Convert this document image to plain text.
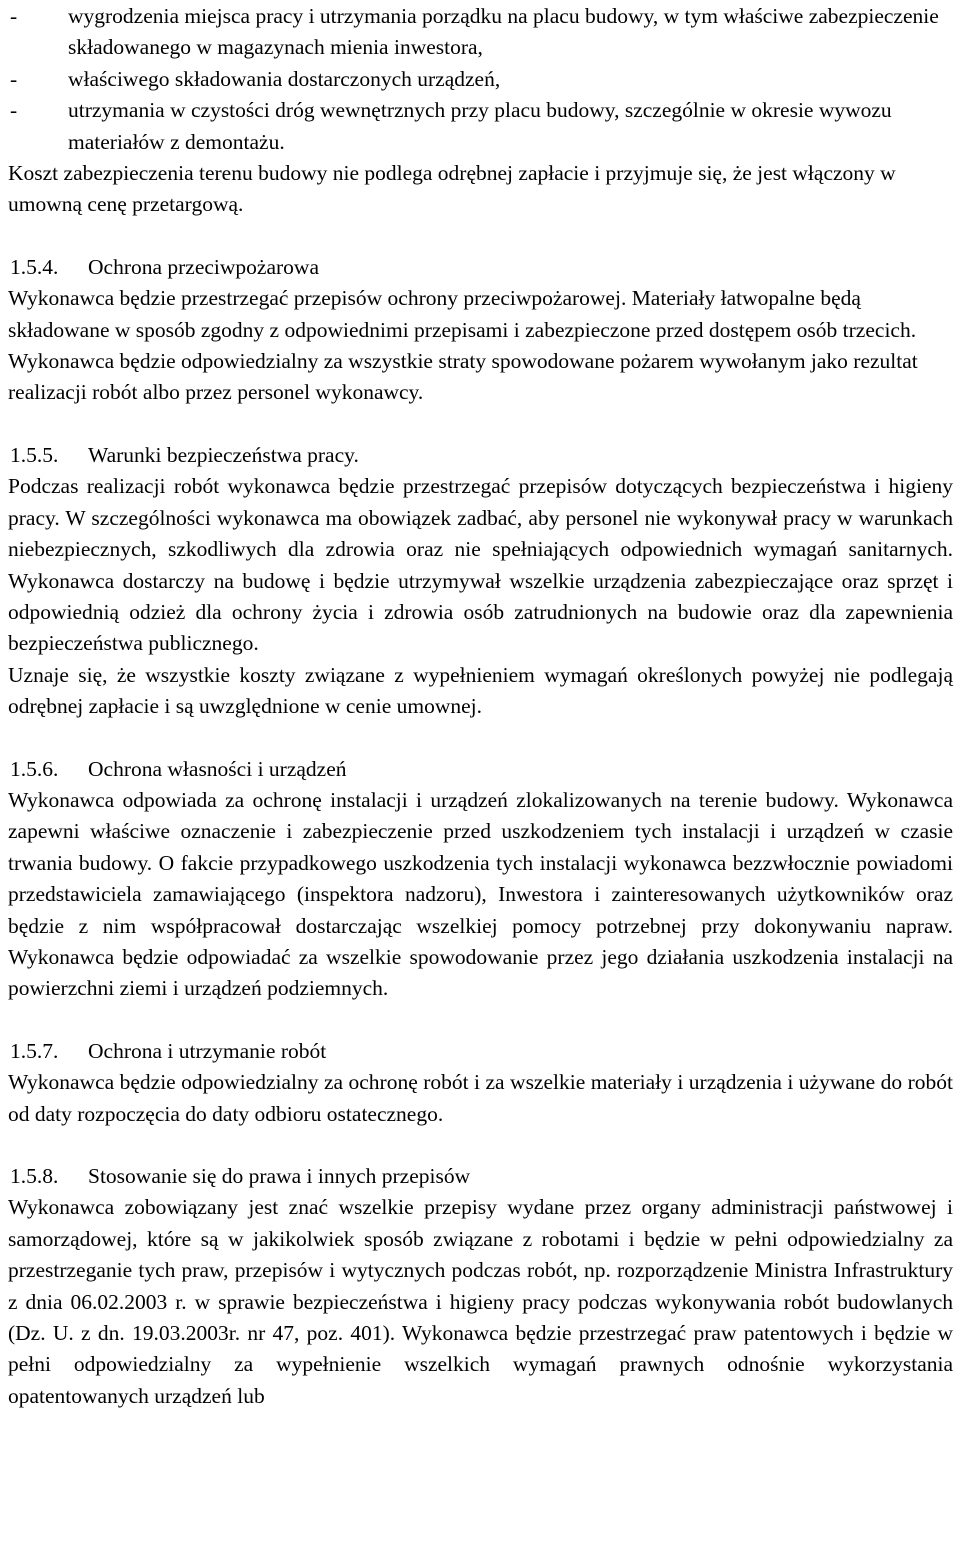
-	wygrodzenia miejsca pracy i utrzymania porządku na placu budowy, w tym właściwe zabezpieczenie składowanego w magazynach mienia inwestora,
-	właściwego składowania dostarczonych urządzeń,
-	utrzymania w czystości dróg wewnętrznych przy placu budowy, szczególnie w okresie wywozu materiałów z demontażu.

Koszt zabezpieczenia terenu budowy nie podlega odrębnej zapłacie i przyjmuje się, że jest włączony w umowną cenę przetargową.

1.5.4.	Ochrona przeciwpożarowa

Wykonawca będzie przestrzegać przepisów ochrony przeciwpożarowej. Materiały łatwopalne będą składowane w sposób zgodny z odpowiednimi przepisami i zabezpieczone przed dostępem osób trzecich. Wykonawca będzie odpowiedzialny za wszystkie straty spowodowane pożarem wywołanym jako rezultat realizacji robót albo przez personel wykonawcy.

1.5.5.	Warunki bezpieczeństwa pracy.

Podczas realizacji robót wykonawca będzie przestrzegać przepisów dotyczących bezpieczeństwa i higieny pracy. W szczególności wykonawca ma obowiązek zadbać, aby personel nie wykonywał pracy w warunkach niebezpiecznych, szkodliwych dla zdrowia oraz nie spełniających odpowiednich wymagań sanitarnych. Wykonawca dostarczy na budowę i będzie utrzymywał wszelkie urządzenia zabezpieczające oraz sprzęt i odpowiednią odzież dla ochrony życia i zdrowia osób zatrudnionych na budowie oraz dla zapewnienia bezpieczeństwa publicznego.

Uznaje się, że wszystkie koszty związane z wypełnieniem wymagań określonych powyżej nie podlegają odrębnej zapłacie i są uwzględnione w cenie umownej.

1.5.6.	Ochrona własności i urządzeń

Wykonawca odpowiada za ochronę instalacji i urządzeń zlokalizowanych na terenie budowy. Wykonawca zapewni właściwe oznaczenie i zabezpieczenie przed uszkodzeniem tych instalacji i urządzeń w czasie trwania budowy. O fakcie przypadkowego uszkodzenia tych instalacji wykonawca bezzwłocznie powiadomi przedstawiciela zamawiającego (inspektora nadzoru), Inwestora i zainteresowanych użytkowników oraz będzie z nim współpracował dostarczając wszelkiej pomocy potrzebnej przy dokonywaniu napraw. Wykonawca będzie odpowiadać za wszelkie spowodowanie przez jego działania uszkodzenia instalacji na powierzchni ziemi i urządzeń podziemnych.

1.5.7.	Ochrona i utrzymanie robót

Wykonawca będzie odpowiedzialny za ochronę robót i za wszelkie materiały i urządzenia i używane do robót od daty rozpoczęcia do daty odbioru ostatecznego.

1.5.8.	Stosowanie się do prawa i innych przepisów

Wykonawca zobowiązany jest znać wszelkie przepisy wydane przez organy administracji państwowej i samorządowej, które są w jakikolwiek sposób związane z robotami i będzie w pełni odpowiedzialny za przestrzeganie tych praw, przepisów i wytycznych podczas robót, np. rozporządzenie Ministra Infrastruktury z dnia 06.02.2003 r. w sprawie bezpieczeństwa i higieny pracy podczas wykonywania robót budowlanych (Dz. U. z dn. 19.03.2003r. nr 47, poz. 401). Wykonawca będzie przestrzegać praw patentowych i będzie w pełni odpowiedzialny za wypełnienie wszelkich wymagań prawnych odnośnie wykorzystania opatentowanych urządzeń lub
